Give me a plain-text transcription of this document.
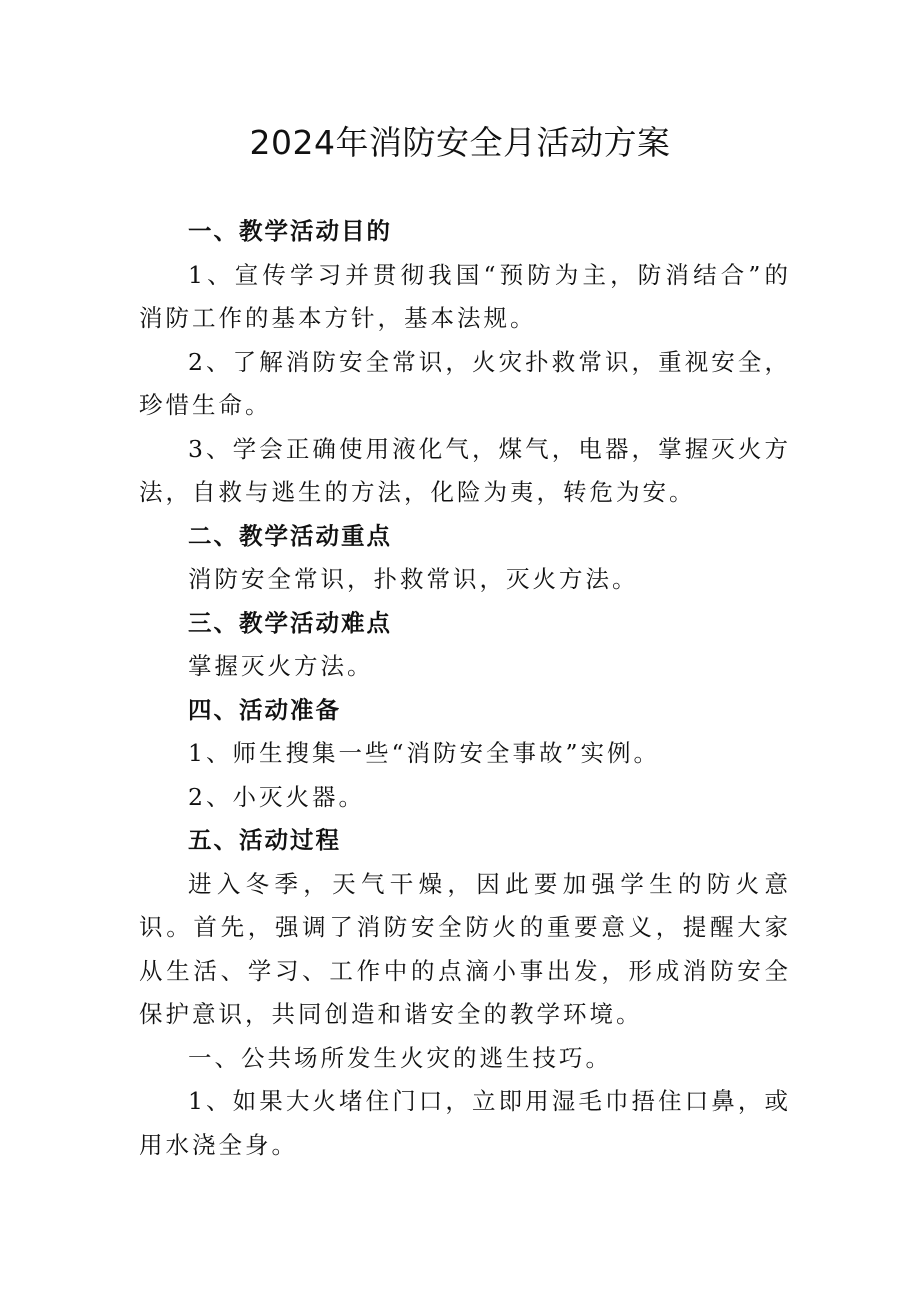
2024年消防安全月活动方案

一、教学活动目的

1、宣传学习并贯彻我国“预防为主，防消结合”的消防工作的基本方针，基本法规。

2、了解消防安全常识，火灾扑救常识，重视安全，珍惜生命。

3、学会正确使用液化气，煤气，电器，掌握灭火方法，自救与逃生的方法，化险为夷，转危为安。

二、教学活动重点

消防安全常识，扑救常识，灭火方法。

三、教学活动难点

掌握灭火方法。

四、活动准备

1、师生搜集一些“消防安全事故”实例。

2、小灭火器。

五、活动过程

进入冬季，天气干燥，因此要加强学生的防火意识。首先，强调了消防安全防火的重要意义，提醒大家从生活、学习、工作中的点滴小事出发，形成消防安全保护意识，共同创造和谐安全的教学环境。

一、公共场所发生火灾的逃生技巧。

1、如果大火堵住门口，立即用湿毛巾捂住口鼻，或用水浇全身。
